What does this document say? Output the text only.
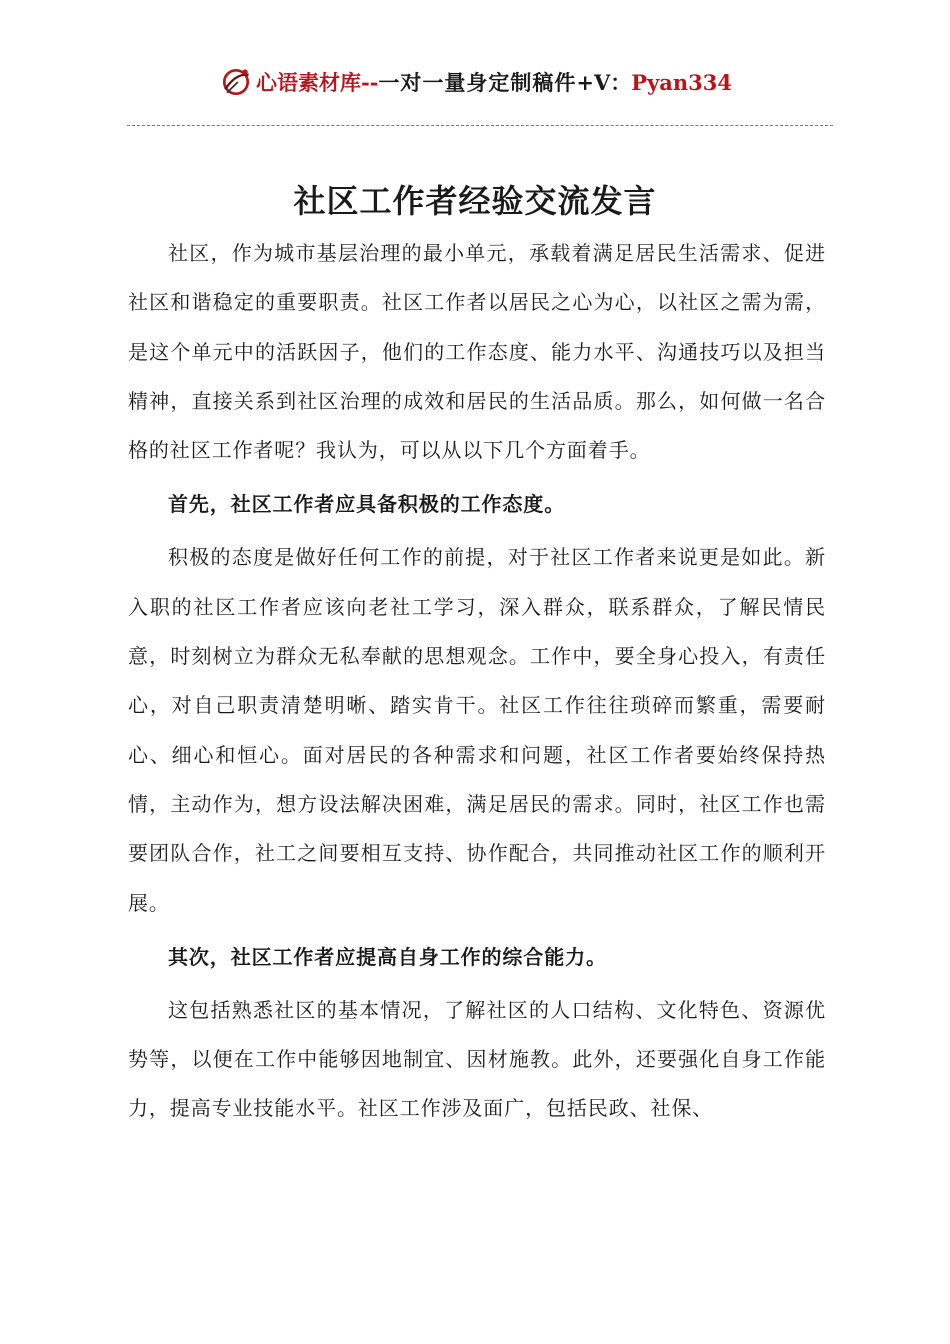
心语素材库 -- 一对一量身定制稿件 +V： Pyan334
社区工作者经验交流发言

社区，作为城市基层治理的最小单元，承载着满足居民生活需求、促进社区和谐稳定的重要职责。社区工作者以居民之心为心，以社区之需为需，是这个单元中的活跃因子，他们的工作态度、能力水平、沟通技巧以及担当精神，直接关系到社区治理的成效和居民的生活品质。那么，如何做一名合格的社区工作者呢？我认为，可以从以下几个方面着手。

首先，社区工作者应具备积极的工作态度。

积极的态度是做好任何工作的前提，对于社区工作者来说更是如此。新入职的社区工作者应该向老社工学习，深入群众，联系群众，了解民情民意，时刻树立为群众无私奉献的思想观念。工作中，要全身心投入，有责任心，对自己职责清楚明晰、踏实肯干。社区工作往往琐碎而繁重，需要耐心、细心和恒心。面对居民的各种需求和问题，社区工作者要始终保持热情，主动作为，想方设法解决困难，满足居民的需求。同时，社区工作也需要团队合作，社工之间要相互支持、协作配合，共同推动社区工作的顺利开展。

其次，社区工作者应提高自身工作的综合能力。

这包括熟悉社区的基本情况，了解社区的人口结构、文化特色、资源优势等，以便在工作中能够因地制宜、因材施教。此外，还要强化自身工作能力，提高专业技能水平。社区工作涉及面广，包括民政、社保、
